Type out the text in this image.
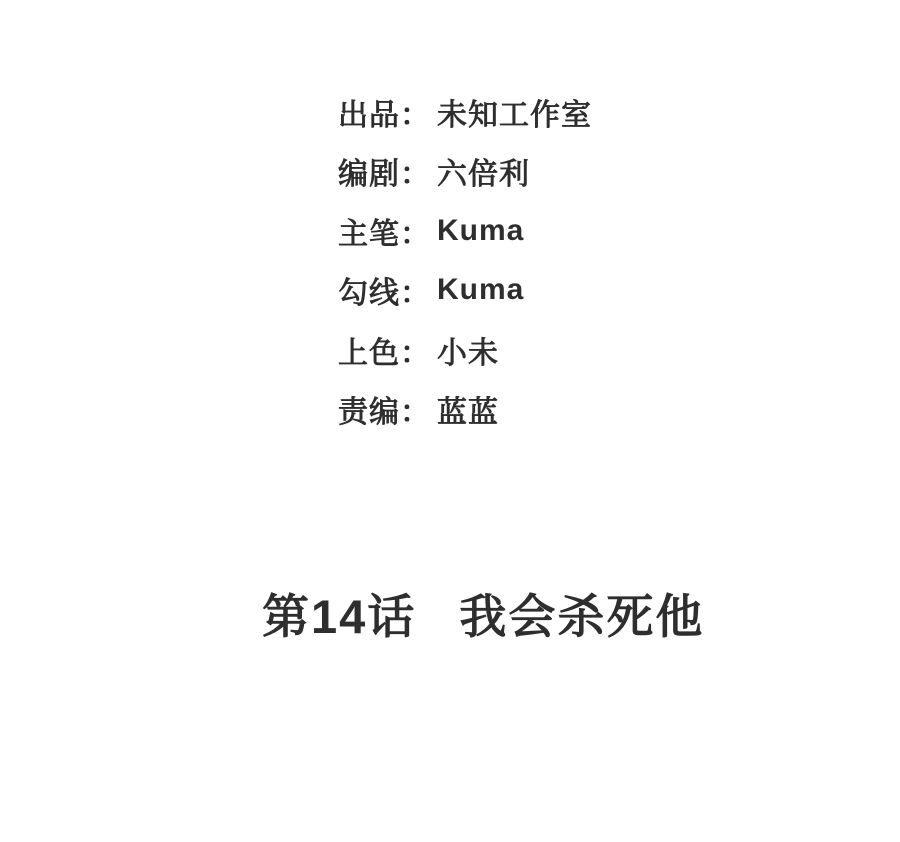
出品： 未知工作室
编剧： 六倍利
主笔： Kuma
勾线： Kuma
上色： 小未
责编： 蓝蓝
第14话 我会杀死他
